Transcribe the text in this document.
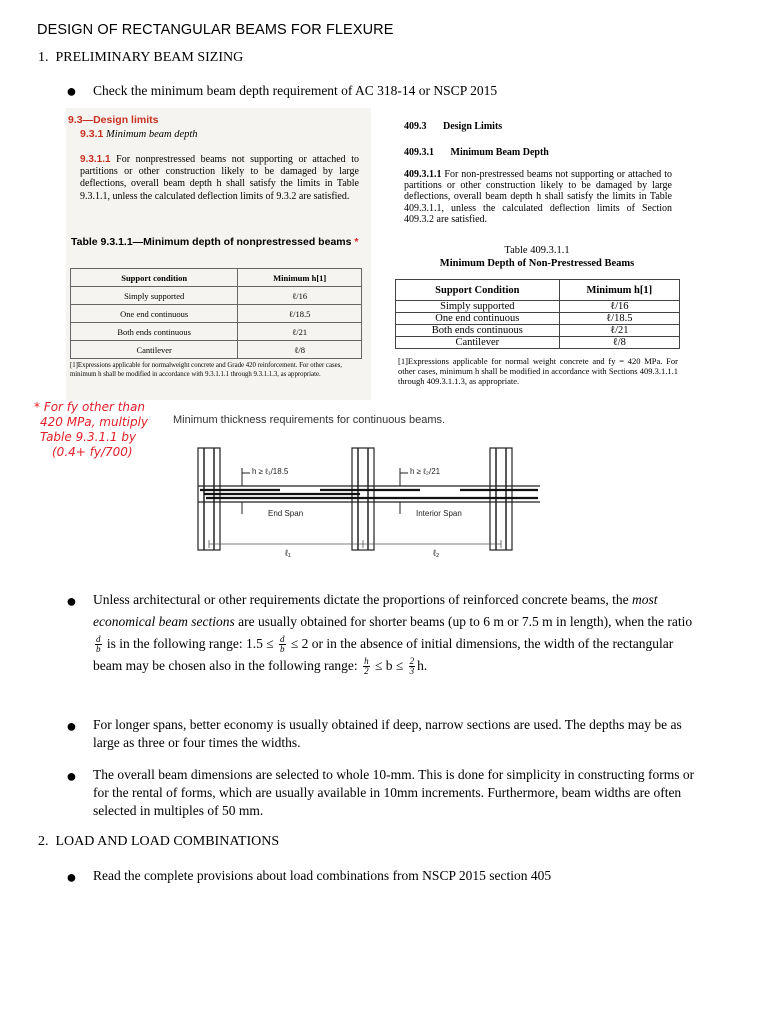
DESIGN OF RECTANGULAR BEAMS FOR FLEXURE
1. PRELIMINARY BEAM SIZING
● Check the minimum beam depth requirement of AC 318-14 or NSCP 2015
9.3—Design limits
9.3.1 Minimum beam depth
9.3.1.1 For nonprestressed beams not supporting or attached to partitions or other construction likely to be damaged by large deflections, overall beam depth h shall satisfy the limits in Table 9.3.1.1, unless the calculated deflection limits of 9.3.2 are satisfied.
Table 9.3.1.1—Minimum depth of nonprestressed beams *
Support condition	Minimum h[1]
Simply supported	ℓ/16
One end continuous	ℓ/18.5
Both ends continuous	ℓ/21
Cantilever	ℓ/8
[1]Expressions applicable for normalweight concrete and Grade 420 reinforcement. For other cases, minimum h shall be modified in accordance with 9.3.1.1.1 through 9.3.1.1.3, as appropriate.
409.3 Design Limits
409.3.1 Minimum Beam Depth
409.3.1.1 For non-prestressed beams not supporting or attached to partitions or other construction likely to be damaged by large deflections, overall beam depth h shall satisfy the limits in Table 409.3.1.1, unless the calculated deflection limits of Section 409.3.2 are satisfied.
Table 409.3.1.1
Minimum Depth of Non-Prestressed Beams
Support Condition	Minimum h[1]
Simply supported	ℓ/16
One end continuous	ℓ/18.5
Both ends continuous	ℓ/21
Cantilever	ℓ/8
[1]Expressions applicable for normal weight concrete and fy = 420 MPa. For other cases, minimum h shall be modified in accordance with Sections 409.3.1.1.1 through 409.3.1.1.3, as appropriate.
* For fy other than
420 MPa, multiply
Table 9.3.1.1 by
(0.4+ fy/700)
Minimum thickness requirements for continuous beams.
h ≥ ℓ₁/18.5	h ≥ ℓ₂/21
End Span	Interior Span
ℓ₁	ℓ₂
● Unless architectural or other requirements dictate the proportions of reinforced concrete beams, the most economical beam sections are usually obtained for shorter beams (up to 6 m or 7.5 m in length), when the ratio
$\frac{d}{b}$ is in the following range: $1.5 \le \frac{d}{b} \le 2$ or in the absence of initial dimensions, the width of the rectangular beam may be chosen also in the following range: $\frac{h}{2} \le b \le \frac{2}{3} h$.
● For longer spans, better economy is usually obtained if deep, narrow sections are used. The depths may be as large as three or four times the widths.
● The overall beam dimensions are selected to whole 10-mm. This is done for simplicity in constructing forms or for the rental of forms, which are usually available in 10mm increments. Furthermore, beam widths are often selected in multiples of 50 mm.
2. LOAD AND LOAD COMBINATIONS
● Read the complete provisions about load combinations from NSCP 2015 section 405
